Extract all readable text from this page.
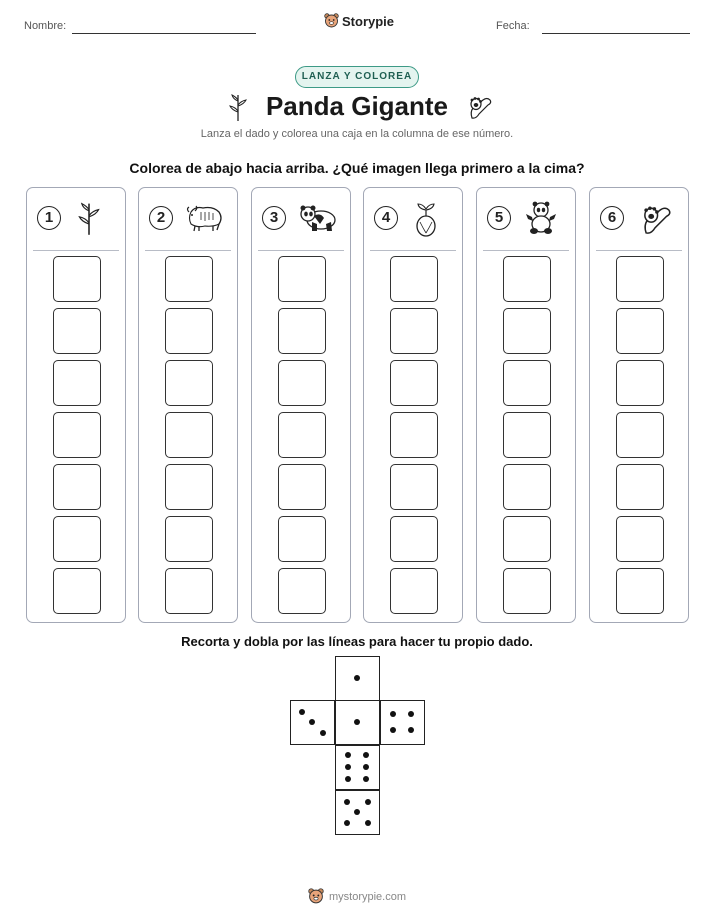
Nombre:	Storypie	Fecha:
LANZA Y COLOREA
Panda Gigante
Lanza el dado y colorea una caja en la columna de ese número.
Colorea de abajo hacia arriba. ¿Qué imagen llega primero a la cima?
1	2	3	4	5	6
Recorta y dobla por las líneas para hacer tu propio dado.
mystorypie.com
